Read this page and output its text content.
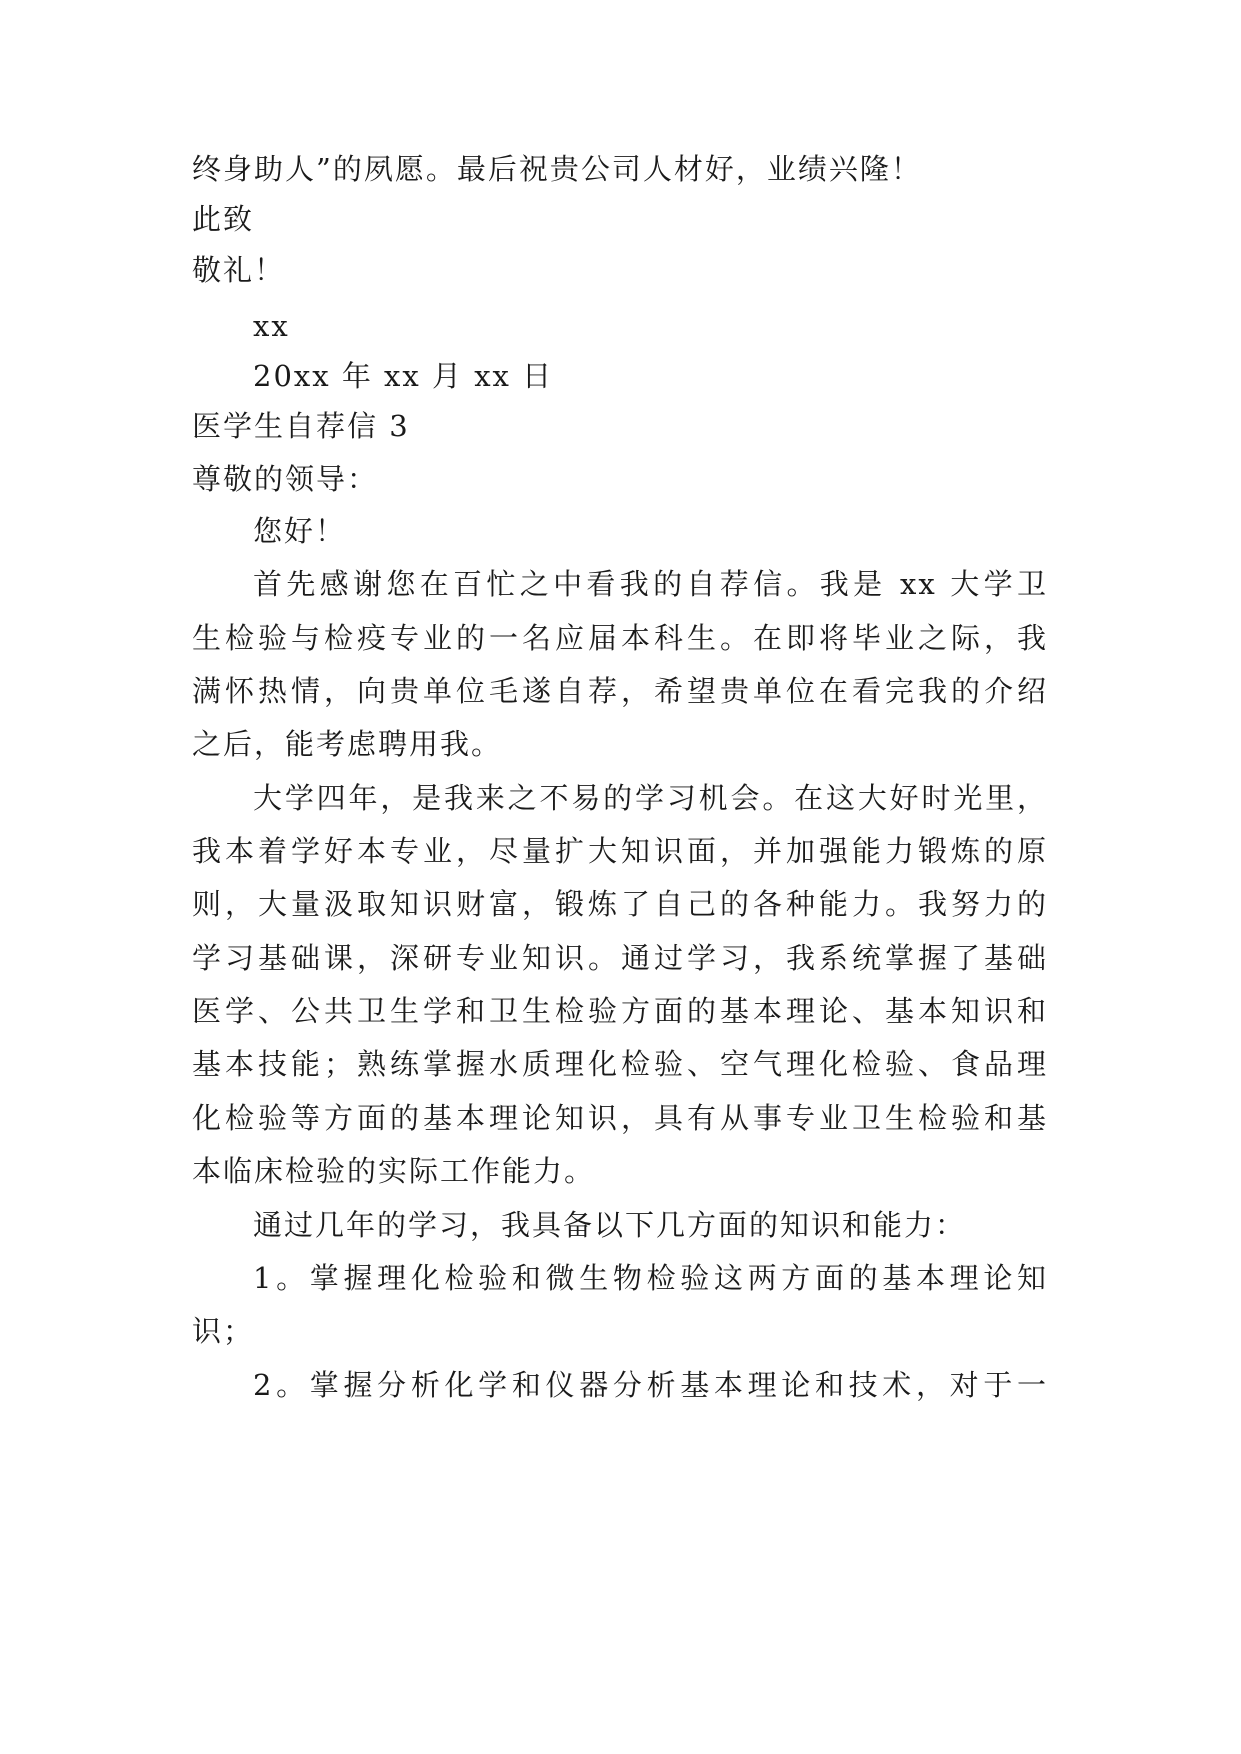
终身助人”的夙愿。最后祝贵公司人材好，业绩兴隆！
此致
敬礼！
xx
20xx 年 xx 月 xx 日
医学生自荐信 3
尊敬的领导：
您好！
首先感谢您在百忙之中看我的自荐信。我是 xx 大学卫
生检验与检疫专业的一名应届本科生。在即将毕业之际，我
满怀热情，向贵单位毛遂自荐，希望贵单位在看完我的介绍
之后，能考虑聘用我。
大学四年，是我来之不易的学习机会。在这大好时光里，
我本着学好本专业，尽量扩大知识面，并加强能力锻炼的原
则，大量汲取知识财富，锻炼了自己的各种能力。我努力的
学习基础课，深研专业知识。通过学习，我系统掌握了基础
医学、公共卫生学和卫生检验方面的基本理论、基本知识和
基本技能；熟练掌握水质理化检验、空气理化检验、食品理
化检验等方面的基本理论知识，具有从事专业卫生检验和基
本临床检验的实际工作能力。
通过几年的学习，我具备以下几方面的知识和能力：
1。掌握理化检验和微生物检验这两方面的基本理论知
识；
2。掌握分析化学和仪器分析基本理论和技术，对于一
